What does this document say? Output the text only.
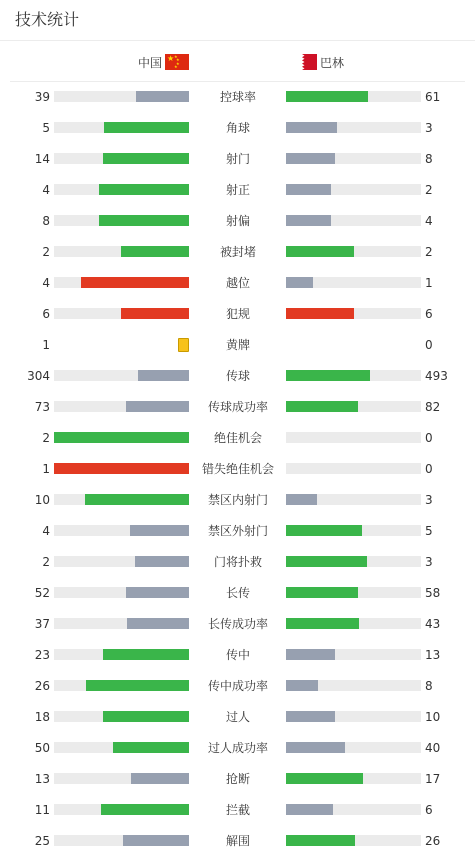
技术统计
中国 ★ ★
★
★
★	巴林
39	控球率	61
5	角球	3
14	射门	8
4	射正	2
8	射偏	4
2	被封堵	2
4	越位	1
6	犯规	6
1	黄牌	0
304	传球	493
73	传球成功率	82
2	绝佳机会	0
1	错失绝佳机会	0
10	禁区内射门	3
4	禁区外射门	5
2	门将扑救	3
52	长传	58
37	长传成功率	43
23	传中	13
26	传中成功率	8
18	过人	10
50	过人成功率	40
13	抢断	17
11	拦截	6
25	解围	26
